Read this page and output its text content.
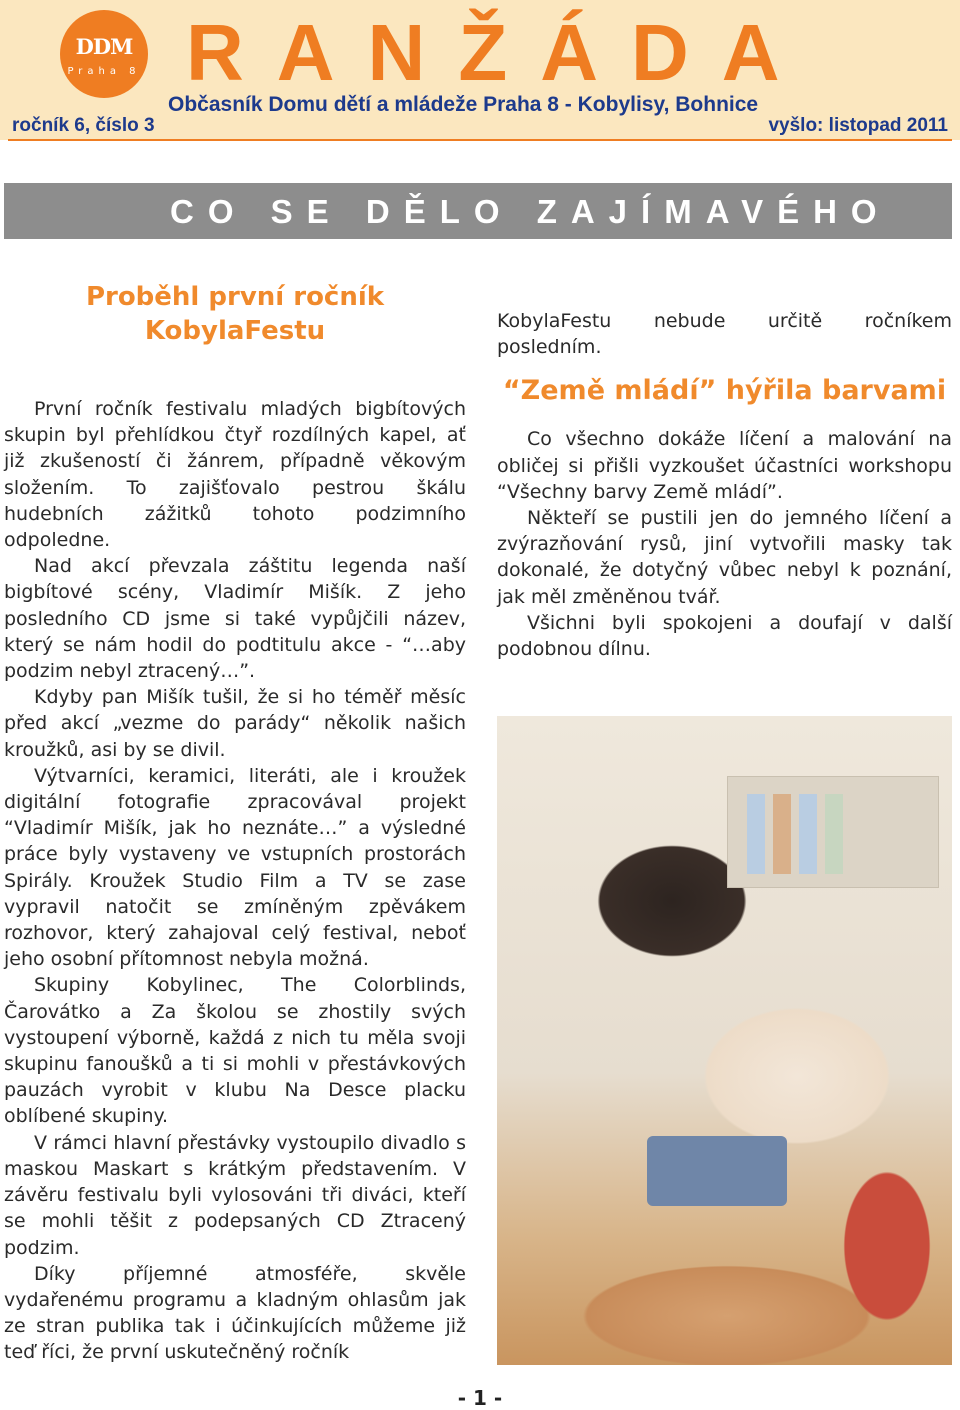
DDM
Praha 8 RANŽÁDA
Občasník Domu dětí a mládeže Praha 8 - Kobylisy, Bohnice
ročník 6, číslo 3	vyšlo: listopad 2011
CO SE DĚLO ZAJÍMAVÉHO
Proběhl první ročník
KobylaFestu

První ročník festivalu mladých bigbítových skupin byl přehlídkou čtyř rozdílných kapel, ať již zkušeností či žánrem, případně věkovým složením. To zajišťovalo pestrou škálu hudebních zážitků tohoto podzimního odpoledne.

Nad akcí převzala záštitu legenda naší bigbítové scény, Vladimír Mišík. Z jeho posledního CD jsme si také vypůjčili název, který se nám hodil do podtitulu akce - “…aby podzim nebyl ztracený…”.

Kdyby pan Mišík tušil, že si ho téměř měsíc před akcí „vezme do parády“ několik našich kroužků, asi by se divil.

Výtvarníci, keramici, literáti, ale i kroužek digitální fotografie zpracovával projekt “Vladimír Mišík, jak ho neznáte…” a výsledné práce byly vystaveny ve vstupních prostorách Spirály. Kroužek Studio Film a TV se zase vypravil natočit se zmíněným zpěvákem rozhovor, který zahajoval celý festival, neboť jeho osobní přítomnost nebyla možná.

Skupiny Kobylinec, The Colorblinds, Čarovátko a Za školou se zhostily svých vystoupení výborně, každá z nich tu měla svoji skupinu fanoušků a ti si mohli v přestávkových pauzách vyrobit v klubu Na Desce placku oblíbené skupiny.

V rámci hlavní přestávky vystoupilo divadlo s maskou Maskart s krátkým představením. V závěru festivalu byli vylosováni tři diváci, kteří se mohli těšit z podepsaných CD Ztracený podzim.

Díky příjemné atmosféře, skvěle vydařenému programu a kladným ohlasům jak ze stran publika tak i účinkujících můžeme již teď říci, že první uskutečněný ročník

KobylaFestu nebude určitě ročníkem posledním.

“Země mládí” hýřila barvami

Co všechno dokáže líčení a malování na obličej si přišli vyzkoušet účastníci workshopu “Všechny barvy Země mládí”.

Někteří se pustili jen do jemného líčení a zvýrazňování rysů, jiní vytvořili masky tak dokonalé, že dotyčný vůbec nebyl k poznání, jak měl změněnou tvář.

Všichni byli spokojeni a doufají v další podobnou dílnu.

- 1 -
